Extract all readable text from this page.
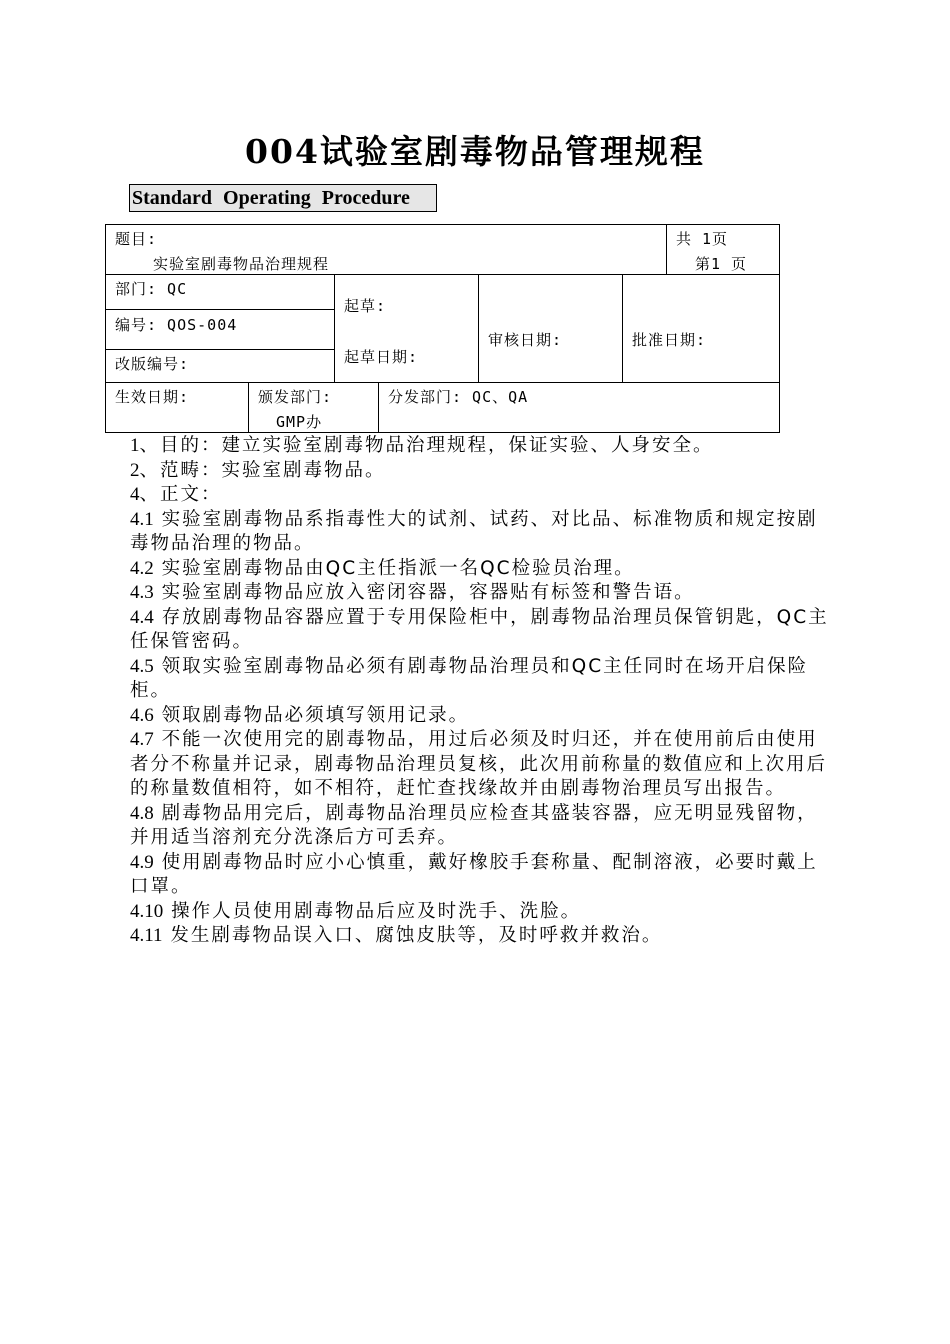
004试验室剧毒物品管理规程
Standard Operating Procedure
题目:
实验室剧毒物品治理规程
共 1页
第1 页
部门: QC
编号: QOS-004
改版编号:
起草:
起草日期:
审核日期:	批准日期:
生效日期:	颁发部门:
GMP办
分发部门: QC、QA

1、目的：建立实验室剧毒物品治理规程，保证实验、人身安全。

2、范畴：实验室剧毒物品。

4、正文：

4.1 实验室剧毒物品系指毒性大的试剂、试药、对比品、标准物质和规定按剧毒物品治理的物品。

4.2 实验室剧毒物品由QC主任指派一名QC检验员治理。

4.3 实验室剧毒物品应放入密闭容器，容器贴有标签和警告语。

4.4 存放剧毒物品容器应置于专用保险柜中，剧毒物品治理员保管钥匙，QC主任保管密码。

4.5 领取实验室剧毒物品必须有剧毒物品治理员和QC主任同时在场开启保险柜。

4.6 领取剧毒物品必须填写领用记录。

4.7 不能一次使用完的剧毒物品，用过后必须及时归还，并在使用前后由使用者分不称量并记录，剧毒物品治理员复核，此次用前称量的数值应和上次用后的称量数值相符，如不相符，赶忙查找缘故并由剧毒物治理员写出报告。

4.8 剧毒物品用完后，剧毒物品治理员应检查其盛装容器，应无明显残留物，并用适当溶剂充分洗涤后方可丢弃。

4.9 使用剧毒物品时应小心慎重，戴好橡胶手套称量、配制溶液，必要时戴上口罩。

4.10 操作人员使用剧毒物品后应及时洗手、洗脸。

4.11 发生剧毒物品误入口、腐蚀皮肤等，及时呼救并救治。
